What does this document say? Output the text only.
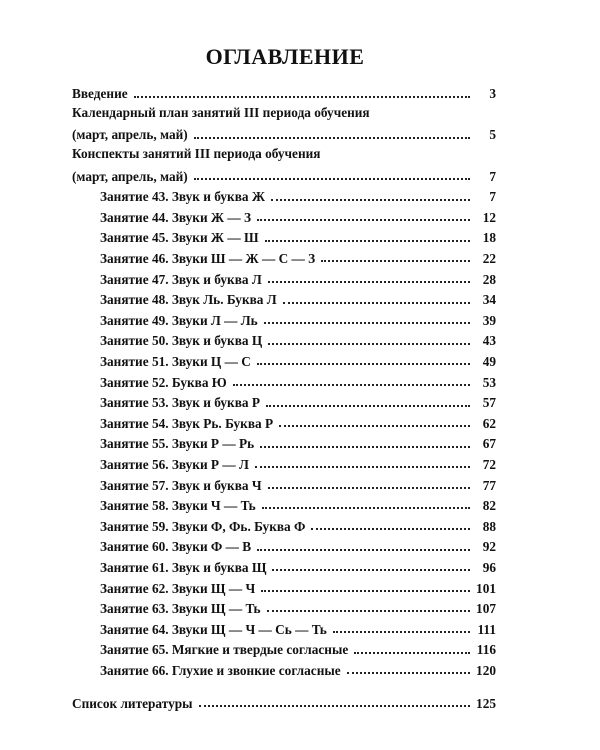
ОГЛАВЛЕНИЕ
Введение	3
Календарный план занятий III периода обучения
(март, апрель, май)	5
Конспекты занятий III периода обучения
(март, апрель, май)	7
Занятие 43. Звук и буква Ж	7
Занятие 44. Звуки Ж — З	12
Занятие 45. Звуки Ж — Ш	18
Занятие 46. Звуки Ш — Ж — С — З	22
Занятие 47. Звук и буква Л	28
Занятие 48. Звук Ль. Буква Л	34
Занятие 49. Звуки Л — Ль	39
Занятие 50. Звук и буква Ц	43
Занятие 51. Звуки Ц — С	49
Занятие 52. Буква Ю	53
Занятие 53. Звук и буква Р	57
Занятие 54. Звук Рь. Буква Р	62
Занятие 55. Звуки Р — Рь	67
Занятие 56. Звуки Р — Л	72
Занятие 57. Звук и буква Ч	77
Занятие 58. Звуки Ч — Ть	82
Занятие 59. Звуки Ф, Фь. Буква Ф	88
Занятие 60. Звуки Ф — В	92
Занятие 61. Звук и буква Щ	96
Занятие 62. Звуки Щ — Ч	101
Занятие 63. Звуки Щ — Ть	107
Занятие 64. Звуки Щ — Ч — Сь — Ть	111
Занятие 65. Мягкие и твердые согласные	116
Занятие 66. Глухие и звонкие согласные	120
Список литературы	125
